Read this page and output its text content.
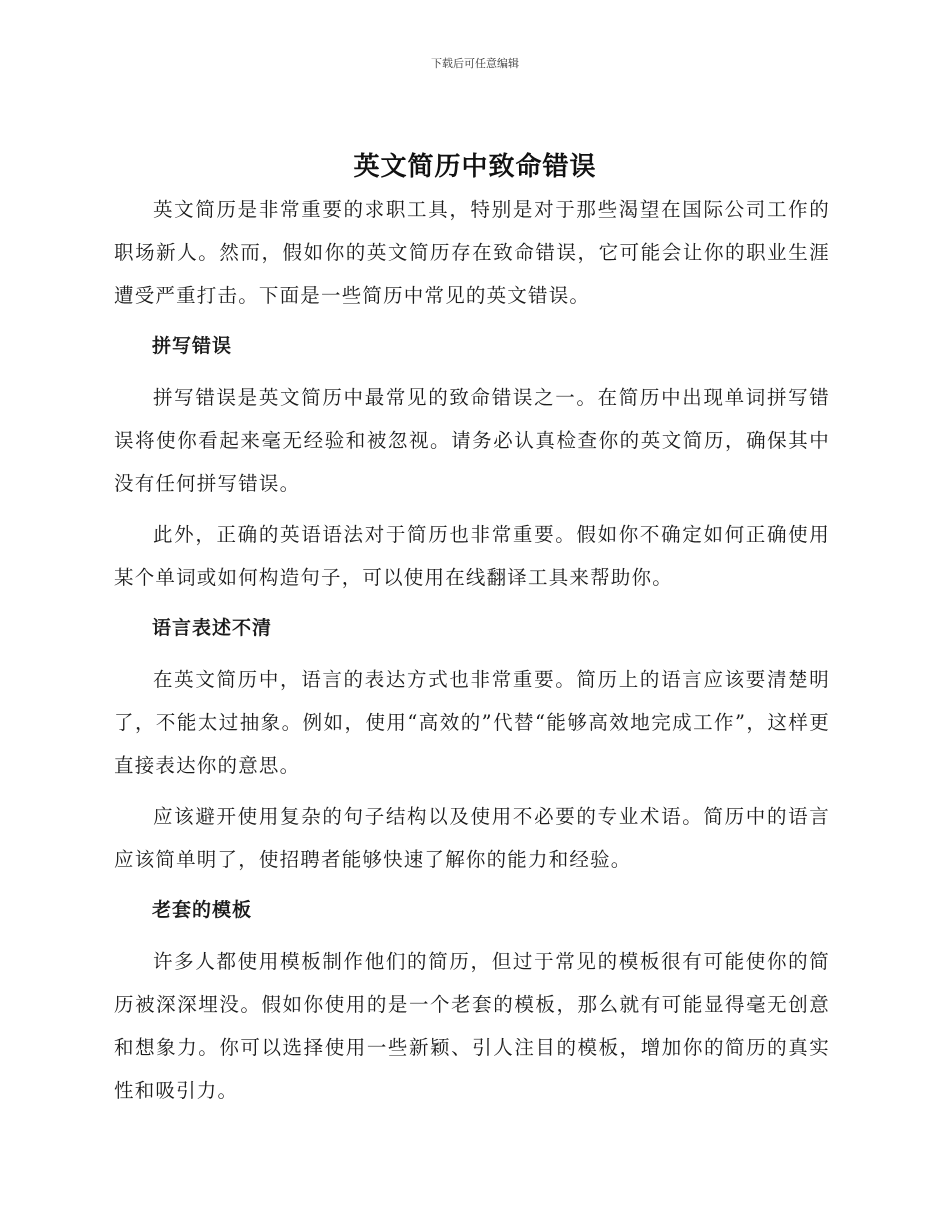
下载后可任意编辑
英文简历中致命错误

英文简历是非常重要的求职工具，特别是对于那些渴望在国际公司工作的职场新人。然而，假如你的英文简历存在致命错误，它可能会让你的职业生涯遭受严重打击。下面是一些简历中常见的英文错误。

拼写错误

拼写错误是英文简历中最常见的致命错误之一。在简历中出现单词拼写错误将使你看起来毫无经验和被忽视。请务必认真检查你的英文简历，确保其中没有任何拼写错误。

此外，正确的英语语法对于简历也非常重要。假如你不确定如何正确使用某个单词或如何构造句子，可以使用在线翻译工具来帮助你。

语言表述不清

在英文简历中，语言的表达方式也非常重要。简历上的语言应该要清楚明了，不能太过抽象。例如，使用“高效的”代替“能够高效地完成工作”，这样更直接表达你的意思。

应该避开使用复杂的句子结构以及使用不必要的专业术语。简历中的语言应该简单明了，使招聘者能够快速了解你的能力和经验。

老套的模板

许多人都使用模板制作他们的简历，但过于常见的模板很有可能使你的简历被深深埋没。假如你使用的是一个老套的模板，那么就有可能显得毫无创意和想象力。你可以选择使用一些新颖、引人注目的模板，增加你的简历的真实性和吸引力。
